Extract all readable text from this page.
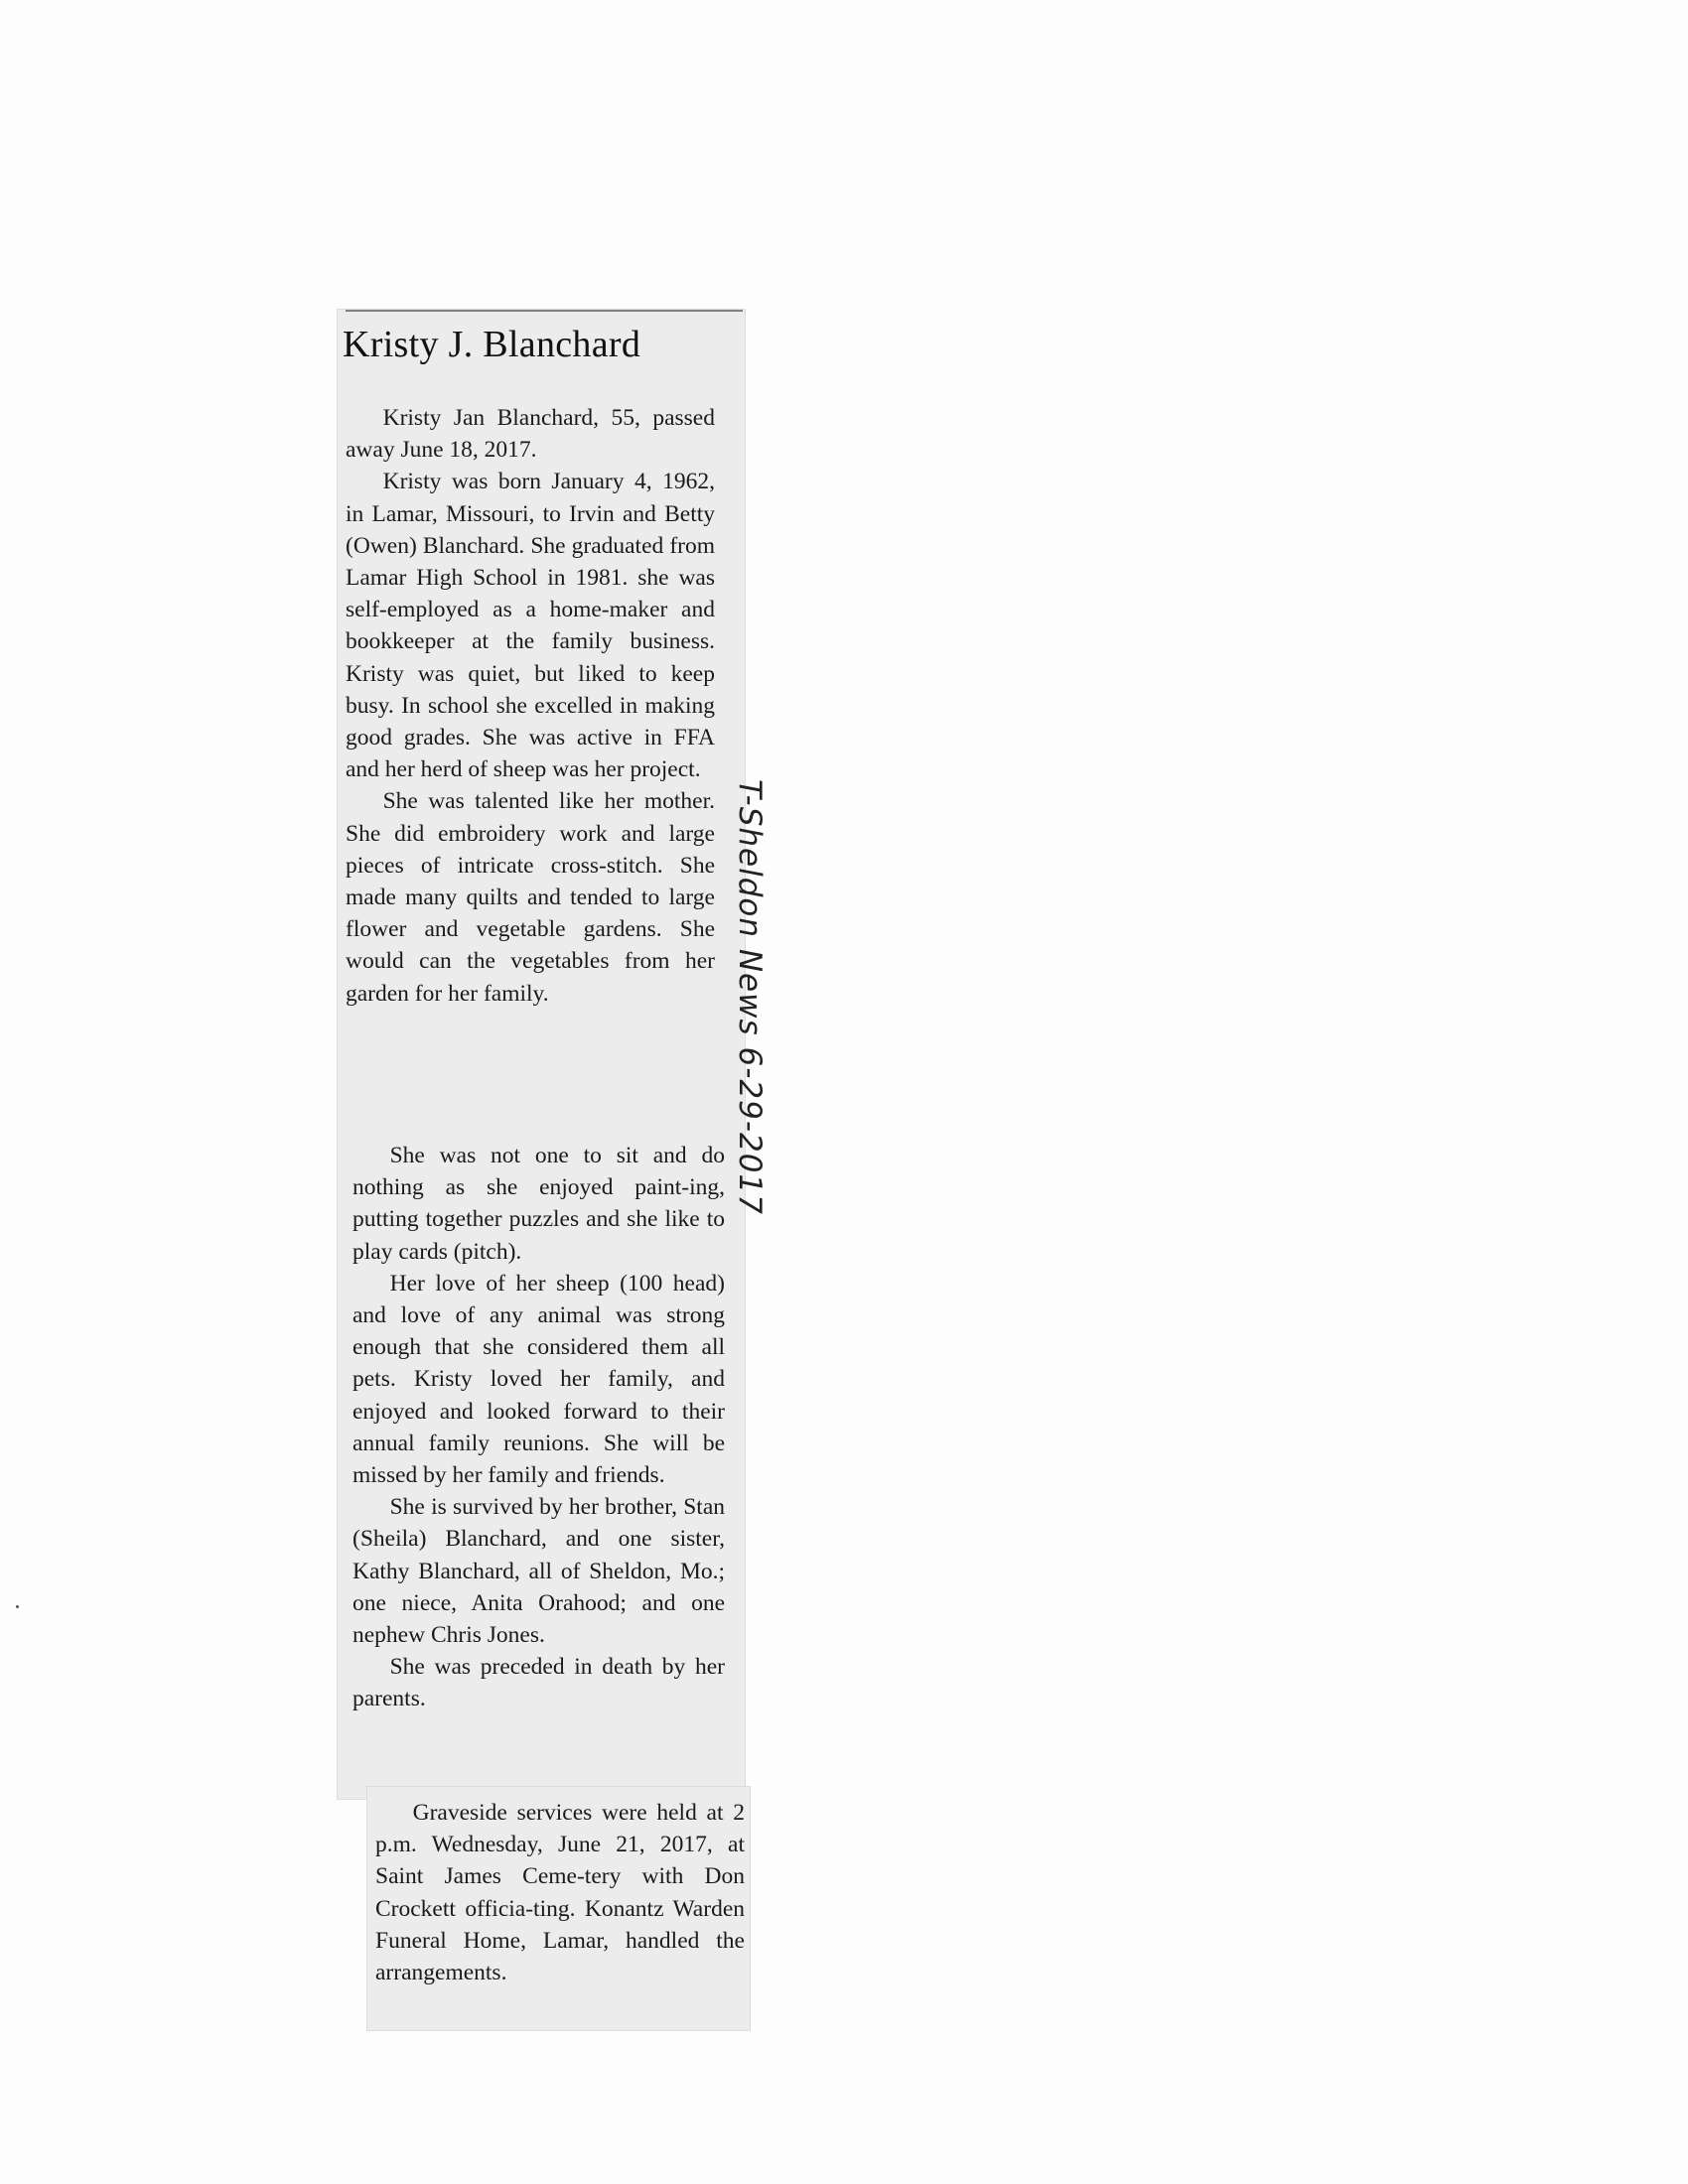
Kristy J. Blanchard

Kristy Jan Blanchard, 55, passed away June 18, 2017.

Kristy was born January 4, 1962, in Lamar, Missouri, to Irvin and Betty (Owen) Blanchard. She graduated from Lamar High School in 1981. she was self-employed as a home-maker and bookkeeper at the family business. Kristy was quiet, but liked to keep busy. In school she excelled in making good grades. She was active in FFA and her herd of sheep was her project.

She was talented like her mother. She did embroidery work and large pieces of intricate cross-stitch. She made many quilts and tended to large flower and vegetable gardens. She would can the vegetables from her garden for her family.

She was not one to sit and do nothing as she enjoyed paint-ing, putting together puzzles and she like to play cards (pitch).

Her love of her sheep (100 head) and love of any animal was strong enough that she considered them all pets. Kristy loved her family, and enjoyed and looked forward to their annual family reunions. She will be missed by her family and friends.

She is survived by her brother, Stan (Sheila) Blanchard, and one sister, Kathy Blanchard, all of Sheldon, Mo.; one niece, Anita Orahood; and one nephew Chris Jones.

She was preceded in death by her parents.

Graveside services were held at 2 p.m. Wednesday, June 21, 2017, at Saint James Ceme-tery with Don Crockett officia-ting. Konantz Warden Funeral Home, Lamar, handled the arrangements.

T-Sheldon News 6-29-2017
